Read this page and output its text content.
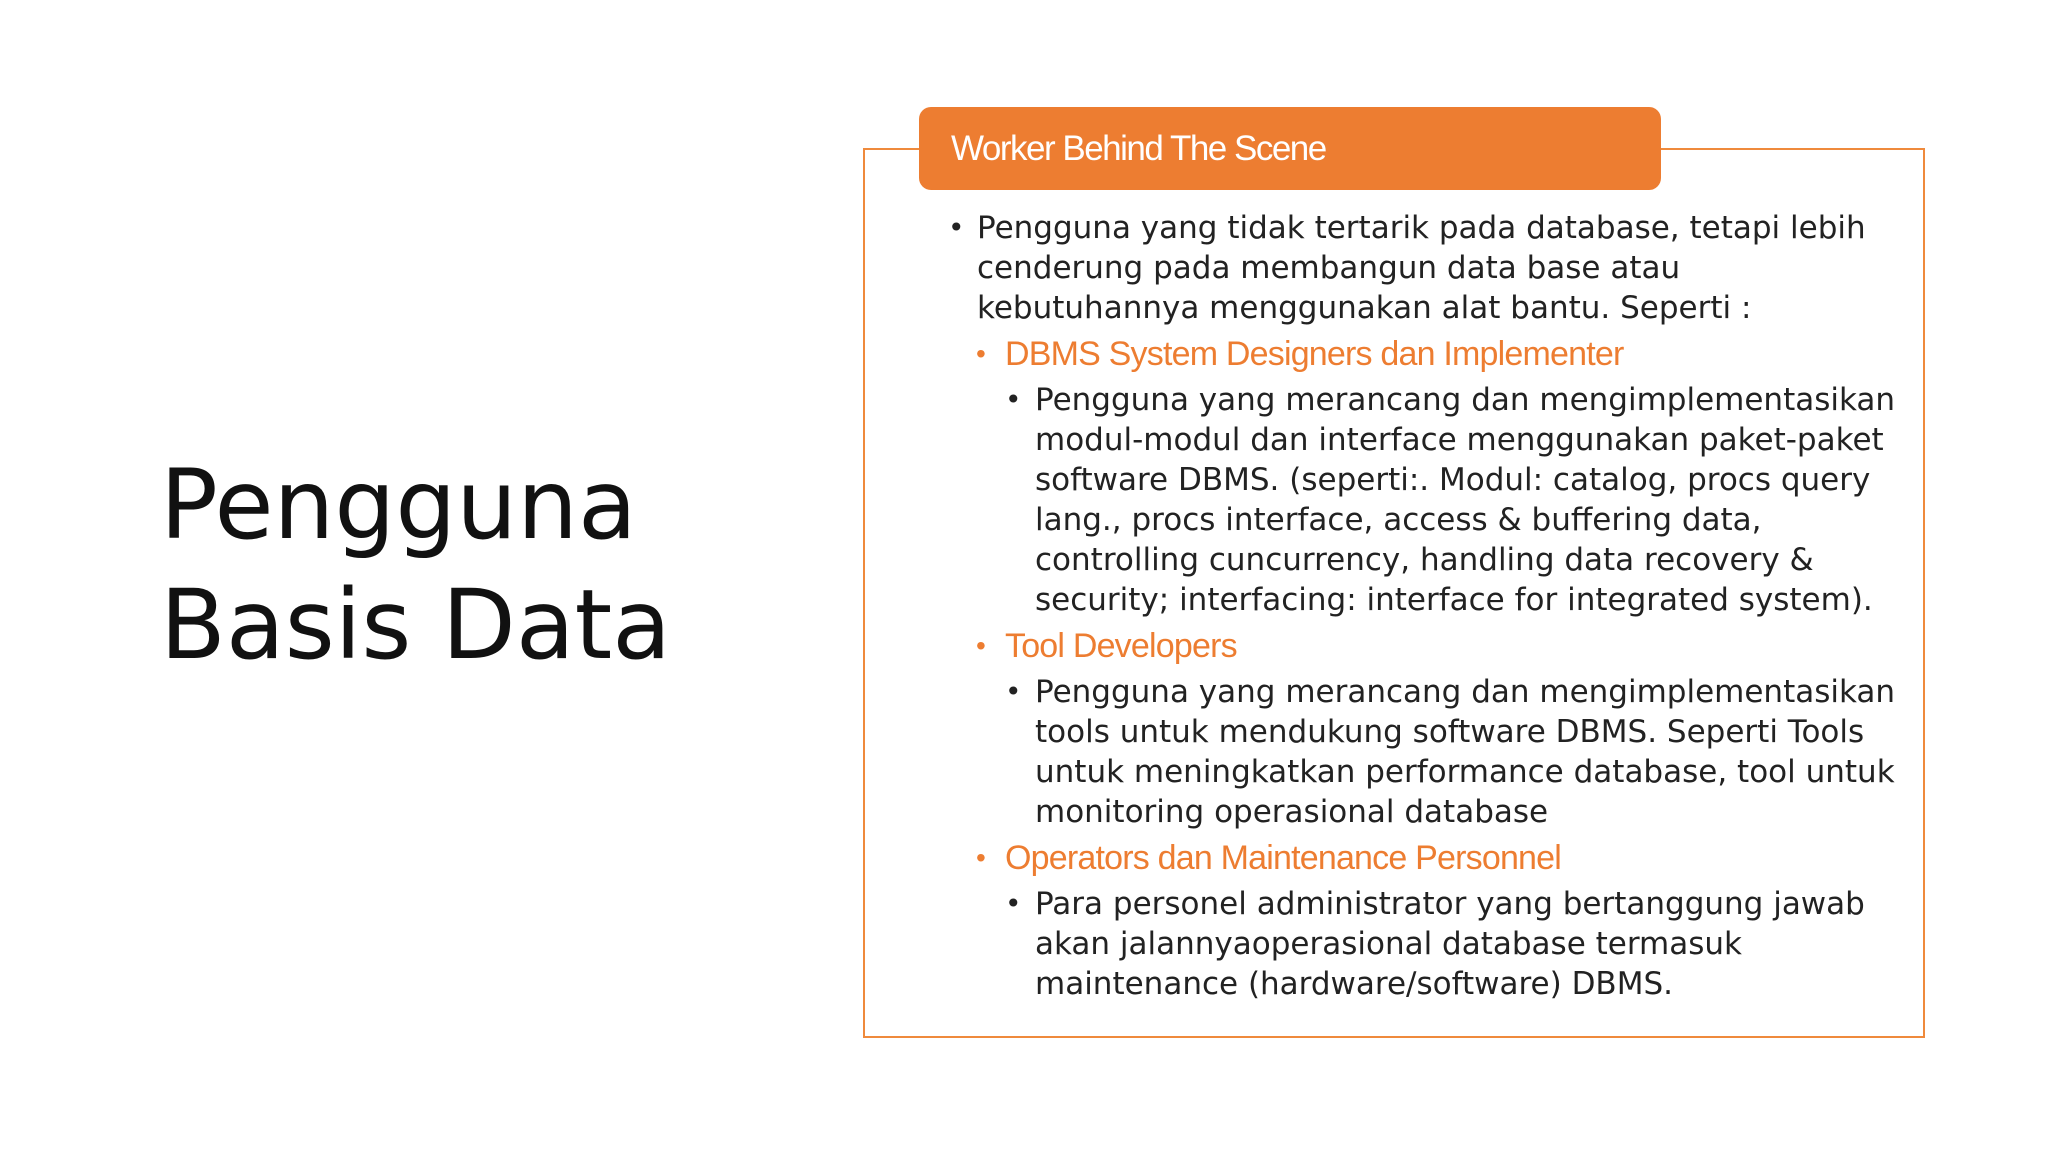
Pengguna
Basis Data
Worker Behind The Scene

• Pengguna yang tidak tertarik pada database, tetapi lebih cenderung pada membangun data base atau kebutuhannya menggunakan alat bantu. Seperti :

• DBMS System Designers dan Implementer

• Pengguna yang merancang dan mengimplementasikan modul-modul dan interface menggunakan paket-paket software DBMS. (seperti:. Modul: catalog, procs query lang., procs interface, access & buffering data, controlling cuncurrency, handling data recovery & security; interfacing: interface for integrated system).

• Tool Developers

• Pengguna yang merancang dan mengimplementasikan tools untuk mendukung software DBMS. Seperti Tools untuk meningkatkan performance database, tool untuk monitoring operasional database

• Operators dan Maintenance Personnel

• Para personel administrator yang bertanggung jawab akan jalannyaoperasional database termasuk maintenance (hardware/software) DBMS.
